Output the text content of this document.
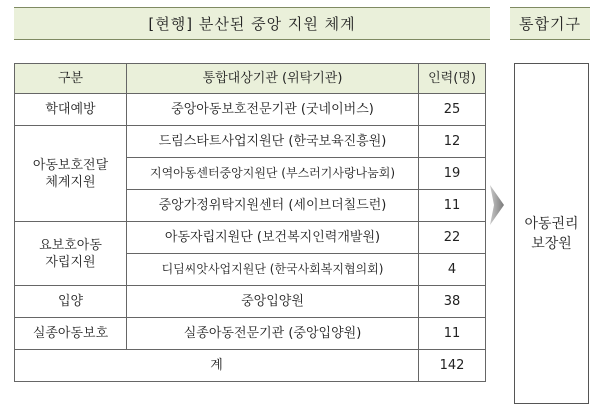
[현행] 분산된 중앙 지원 체계	통합기구
구분	통합대상기관 (위탁기관)	인력(명)
학대예방	중앙아동보호전문기관 (굿네이버스)	25
아동보호전달
체계지원	드림스타트사업지원단 (한국보육진흥원)	12
	지역아동센터중앙지원단 (부스러기사랑나눔회)	19
	중앙가정위탁지원센터 (세이브더칠드런)	11
요보호아동
자립지원	아동자립지원단 (보건복지인력개발원)	22
	디딤씨앗사업지원단 (한국사회복지협의회)	4
입양	중앙입양원	38
실종아동보호	실종아동전문기관 (중앙입양원)	11
계		142
아동권리
보장원
